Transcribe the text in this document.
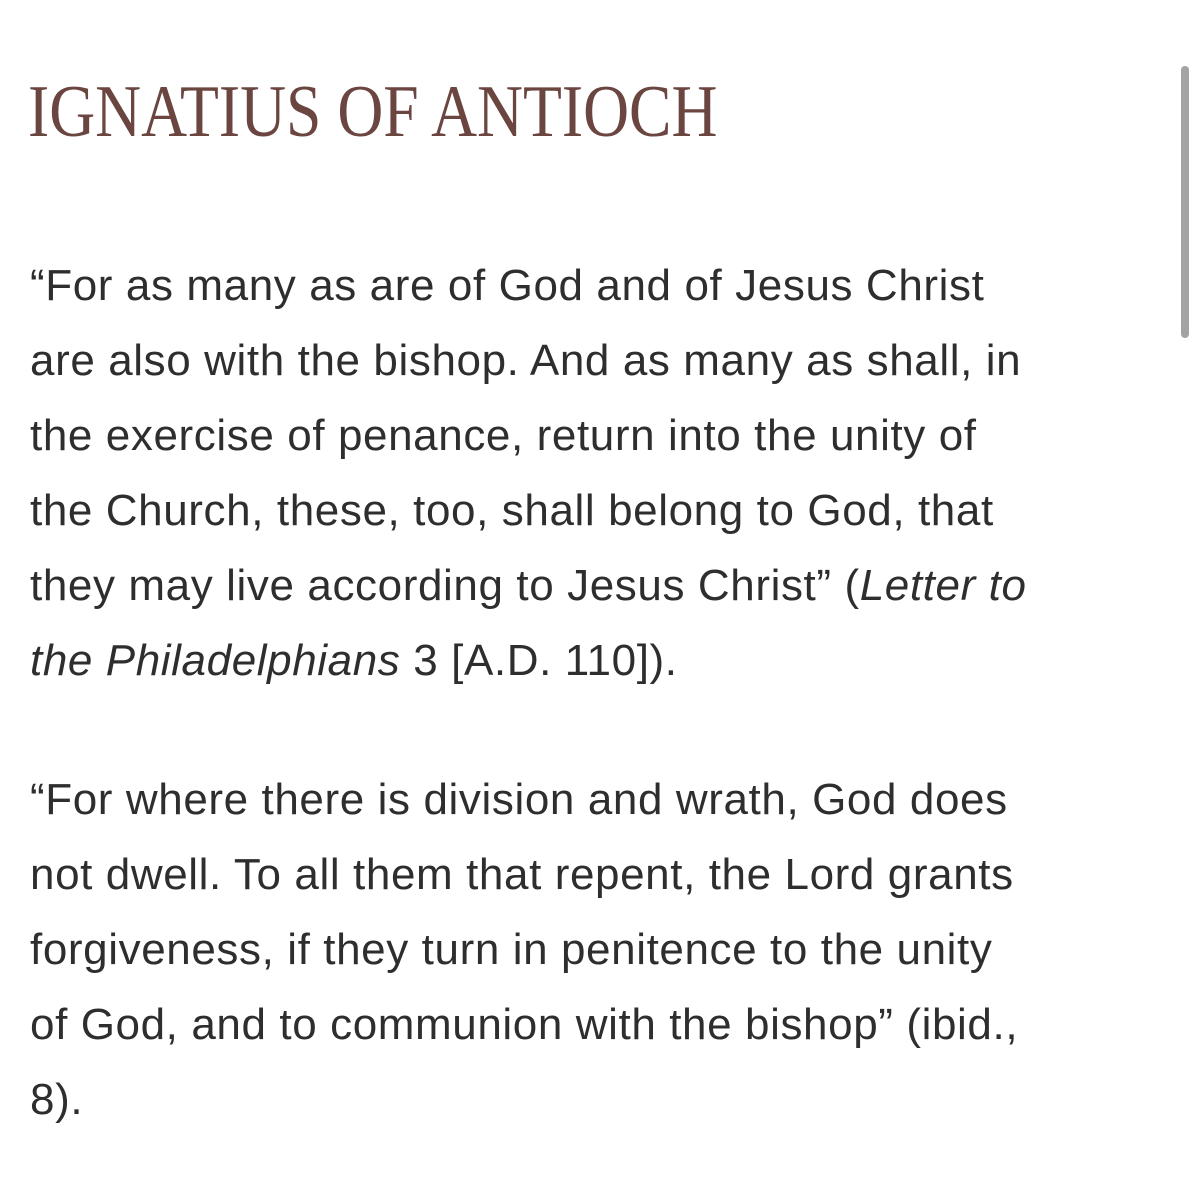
IGNATIUS OF ANTIOCH

“For as many as are of God and of Jesus Christ
are also with the bishop. And as many as shall, in
the exercise of penance, return into the unity of
the Church, these, too, shall belong to God, that
they may live according to Jesus Christ” (Letter to
the Philadelphians 3 [A.D. 110]).

“For where there is division and wrath, God does
not dwell. To all them that repent, the Lord grants
forgiveness, if they turn in penitence to the unity
of God, and to communion with the bishop” (ibid.,
8).
